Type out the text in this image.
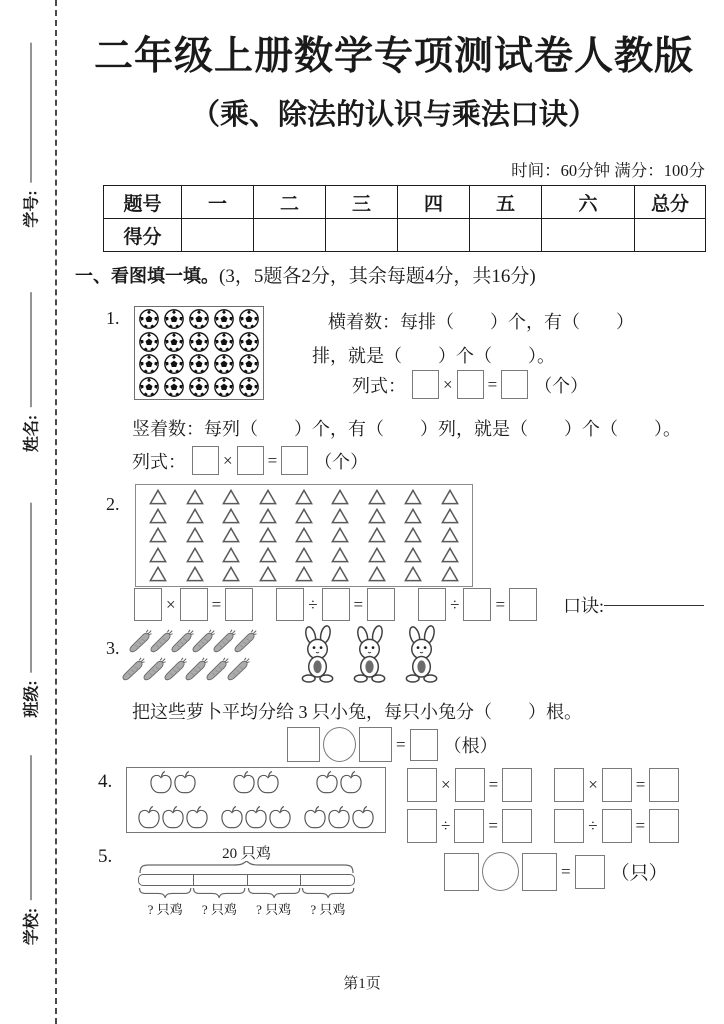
学号:
姓名:
班级:
学校:
二年级上册数学专项测试卷人教版
（乘、除法的认识与乘法口诀）
时间：60分钟 满分：100分
题号	一	二	三	四	五	六	总分
得分							
一、看图填一填。(3，5题各2分，其余每题4分，共16分)
1.	横着数：每排（　　）个，有（　　）
排，就是（　　）个（　　）。
列式： × = （个）
竖着数：每列（　　）个，有（　　）列，就是（　　）个（　　）。
列式： × = （个）
2.
× =	÷ =	÷ =	口诀:
3.
把这些萝卜平均分给 3 只小兔，每只小兔分（　　）根。
= （根）
4.	× =	× =
÷ =	÷ =
5.	20 只鸡
? 只鸡	? 只鸡	? 只鸡	? 只鸡
= （只）
第1页
